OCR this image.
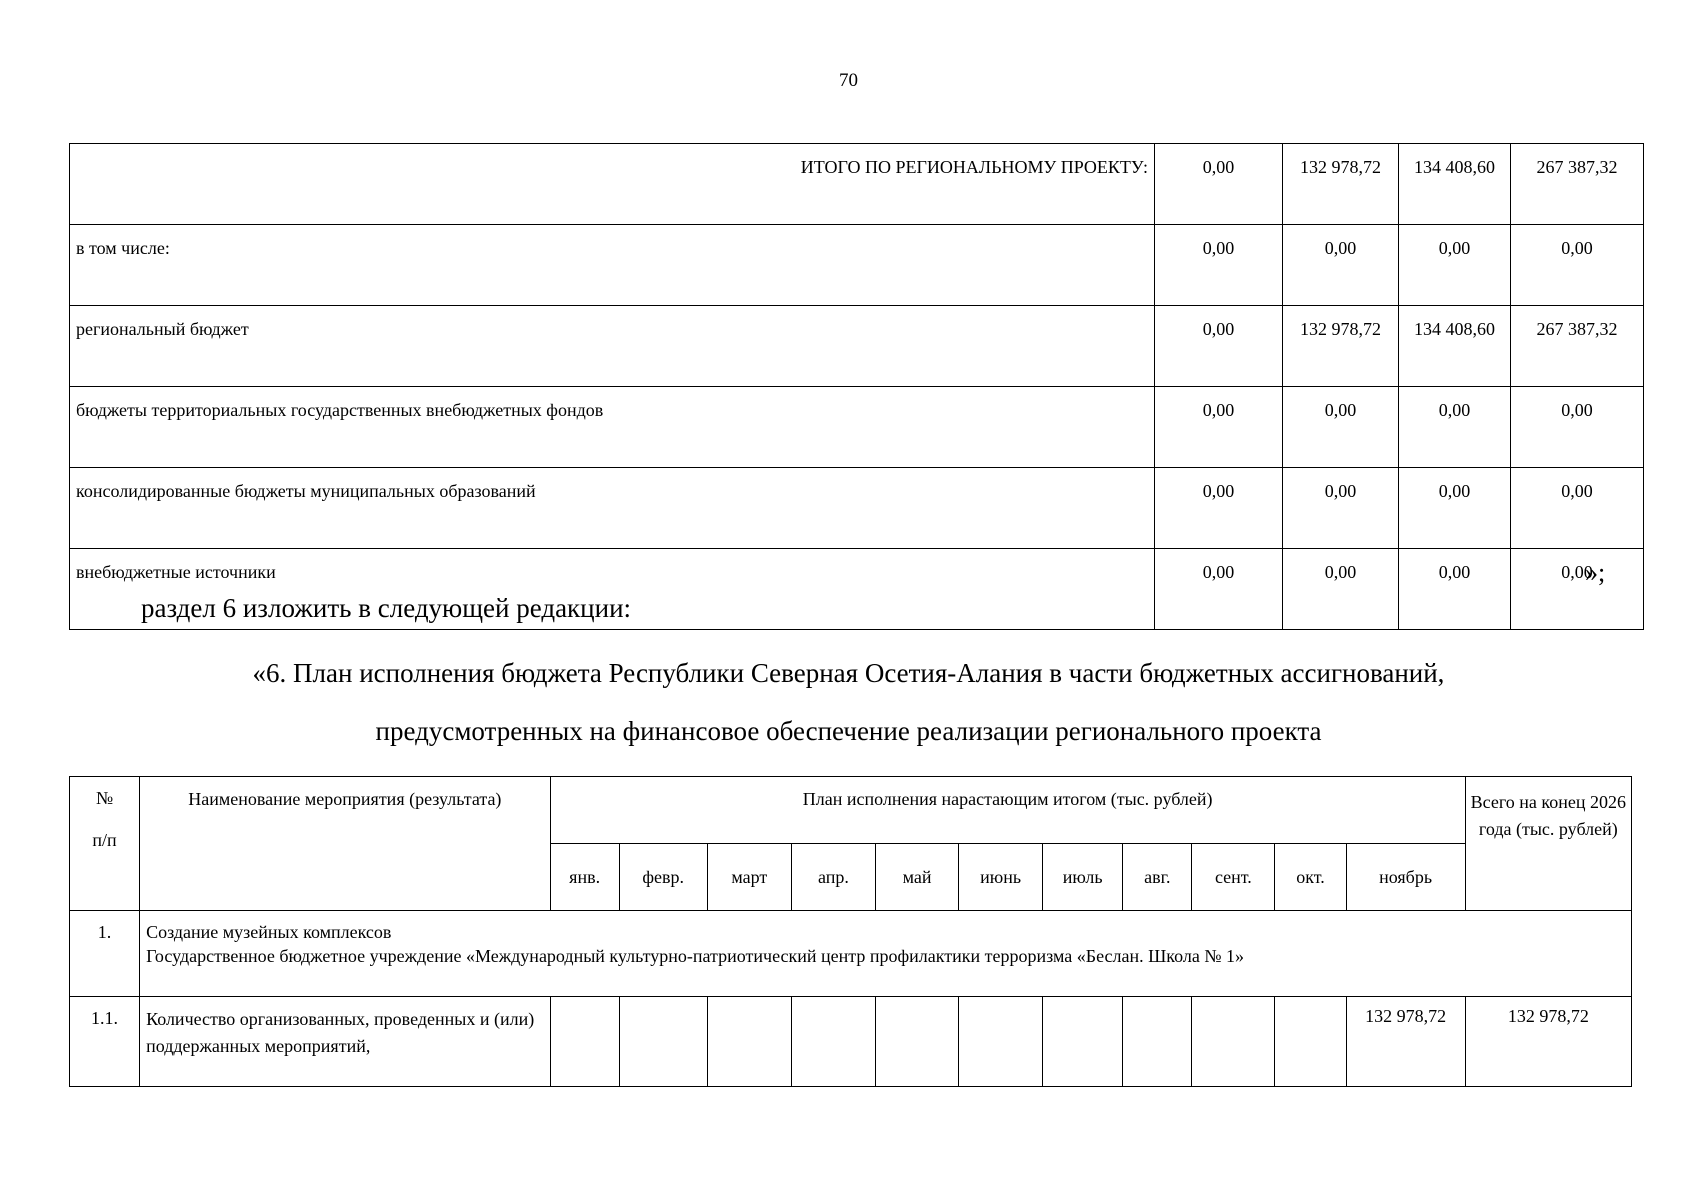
70
ИТОГО ПО РЕГИОНАЛЬНОМУ ПРОЕКТУ:	0,00	132 978,72	134 408,60	267 387,32
в том числе:	0,00	0,00	0,00	0,00
региональный бюджет	0,00	132 978,72	134 408,60	267 387,32
бюджеты территориальных государственных внебюджетных фондов	0,00	0,00	0,00	0,00
консолидированные бюджеты муниципальных образований	0,00	0,00	0,00	0,00
внебюджетные источники	0,00	0,00	0,00	0,00
»;
раздел 6 изложить в следующей редакции:
«6. План исполнения бюджета Республики Северная Осетия-Алания в части бюджетных ассигнований,
предусмотренных на финансовое обеспечение реализации регионального проекта
№
п/п	Наименование мероприятия (результата)	План исполнения нарастающим итогом (тыс. рублей)											Всего на конец 2026 года (тыс. рублей)
		янв.	февр.	март	апр.	май	июнь	июль	авг.	сент.	окт.	ноябрь	
1.	Создание музейных комплексов
Государственное бюджетное учреждение «Международный культурно-патриотический центр профилактики терроризма «Беслан. Школа № 1»												

1.1.	Количество организованных, проведенных и (или) поддержанных мероприятий,											132 978,72	132 978,72
